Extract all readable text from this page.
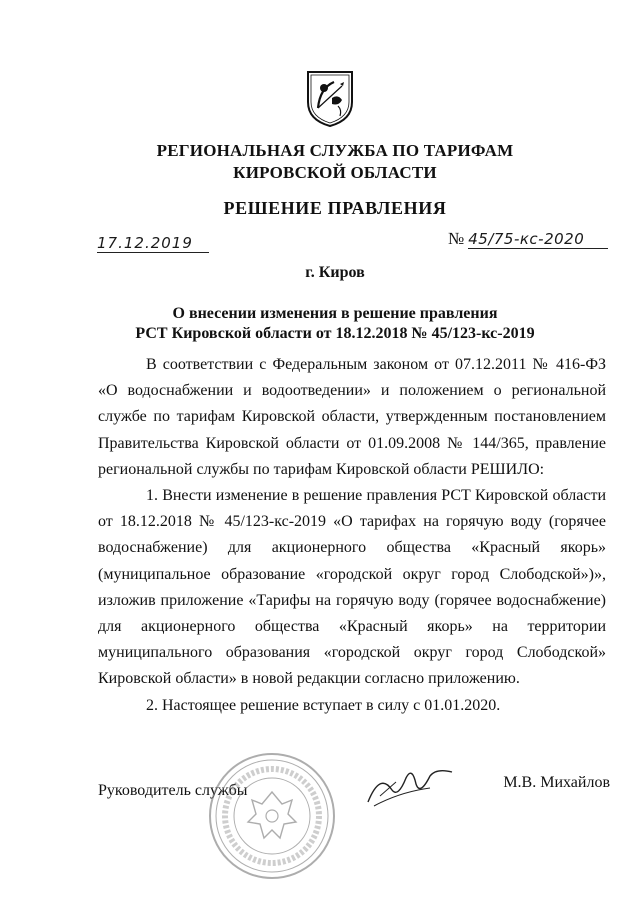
РЕГИОНАЛЬНАЯ СЛУЖБА ПО ТАРИФАМ
КИРОВСКОЙ ОБЛАСТИ
РЕШЕНИЕ ПРАВЛЕНИЯ
17.12.2019	№ 45/75-кс-2020
г. Киров
О внесении изменения в решение правления
РСТ Кировской области от 18.12.2018 № 45/123-кс-2019

В соответствии с Федеральным законом от 07.12.2011 № 416-ФЗ «О водоснабжении и водоотведении» и положением о региональной службе по тарифам Кировской области, утвержденным постановлением Правительства Кировской области от 01.09.2008 № 144/365, правление региональной службы по тарифам Кировской области РЕШИЛО:

1. Внести изменение в решение правления РСТ Кировской области от 18.12.2018 № 45/123-кс-2019 «О тарифах на горячую воду (горячее водоснабжение) для акционерного общества «Красный якорь» (муниципальное образование «городской округ город Слободской»)», изложив приложение «Тарифы на горячую воду (горячее водоснабжение) для акционерного общества «Красный якорь» на территории муниципального образования «городской округ город Слободской» Кировской области» в новой редакции согласно приложению.

2. Настоящее решение вступает в силу с 01.01.2020.

Руководитель службы	М.В. Михайлов
